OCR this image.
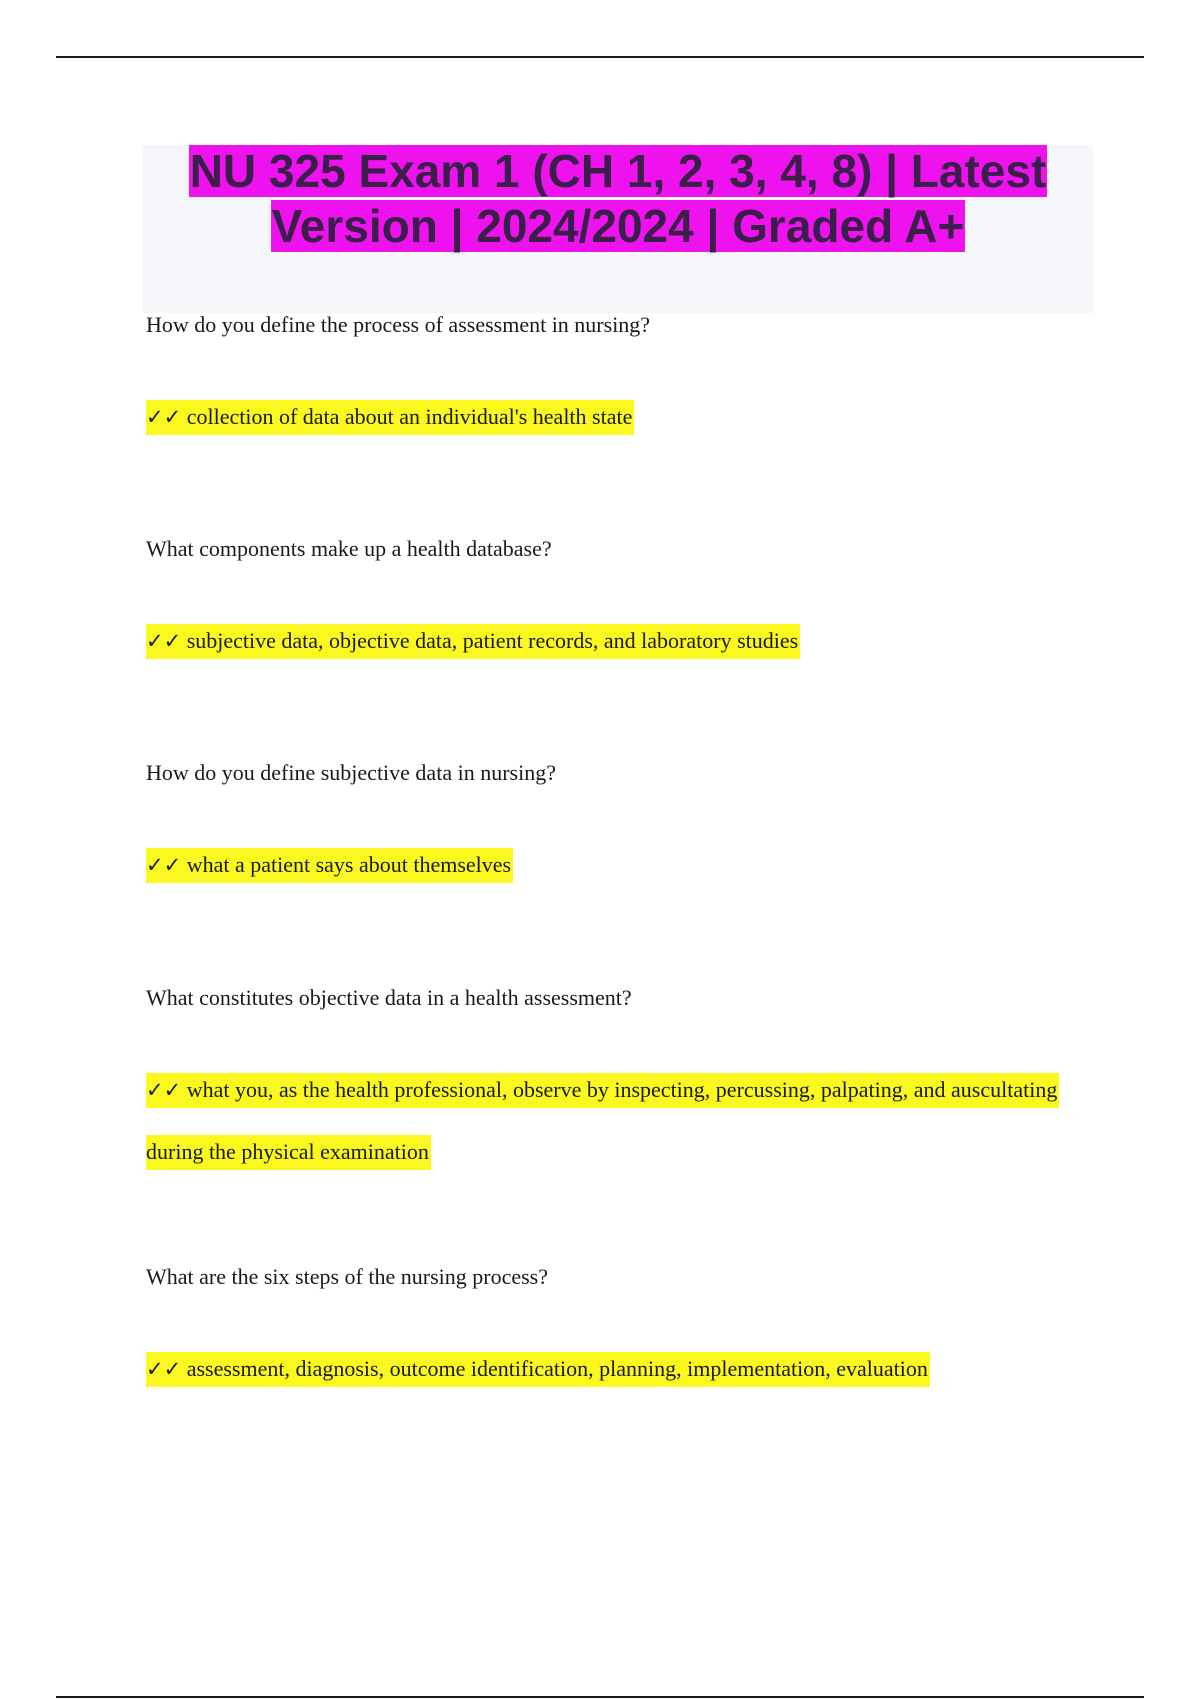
NU 325 Exam 1 (CH 1, 2, 3, 4, 8) | Latest Version | 2024/2024 | Graded A+

How do you define the process of assessment in nursing?

✓✓ collection of data about an individual's health state

What components make up a health database?

✓✓ subjective data, objective data, patient records, and laboratory studies

How do you define subjective data in nursing?

✓✓ what a patient says about themselves

What constitutes objective data in a health assessment?

✓✓ what you, as the health professional, observe by inspecting, percussing, palpating, and auscultating during the physical examination

What are the six steps of the nursing process?

✓✓ assessment, diagnosis, outcome identification, planning, implementation, evaluation
